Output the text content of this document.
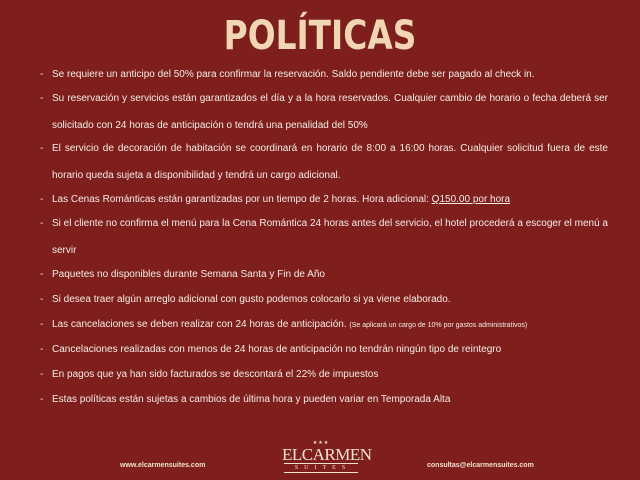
POLÍTICAS
- Se requiere un anticipo del 50% para confirmar la reservación. Saldo pendiente debe ser pagado al check in.
- Su reservación y servicios están garantizados el día y a la hora reservados. Cualquier cambio de horario o fecha deberá ser solicitado con 24 horas de anticipación o tendrá una penalidad del 50%
- El servicio de decoración de habitación se coordinará en horario de 8:00 a 16:00 horas. Cualquier solicitud fuera de este horario queda sujeta a disponibilidad y tendrá un cargo adicional.
- Las Cenas Románticas están garantizadas por un tiempo de 2 horas. Hora adicional: Q150.00 por hora
- Si el cliente no confirma el menú para la Cena Romántica 24 horas antes del servicio, el hotel procederá a escoger el menú a servir
- Paquetes no disponibles durante Semana Santa y Fin de Año
- Si desea traer algún arreglo adicional con gusto podemos colocarlo si ya viene elaborado.
- Las cancelaciones se deben realizar con 24 horas de anticipación. (Se aplicará un cargo de 10% por gastos administrativos)
- Cancelaciones realizadas con menos de 24 horas de anticipación no tendrán ningún tipo de reintegro
- En pagos que ya han sido facturados se descontará el 22% de impuestos
- Estas políticas están sujetas a cambios de última hora y pueden variar en Temporada Alta
www.elcarmensuites.com
★★★
ELCARMEN
SUITES	consultas@elcarmensuites.com
